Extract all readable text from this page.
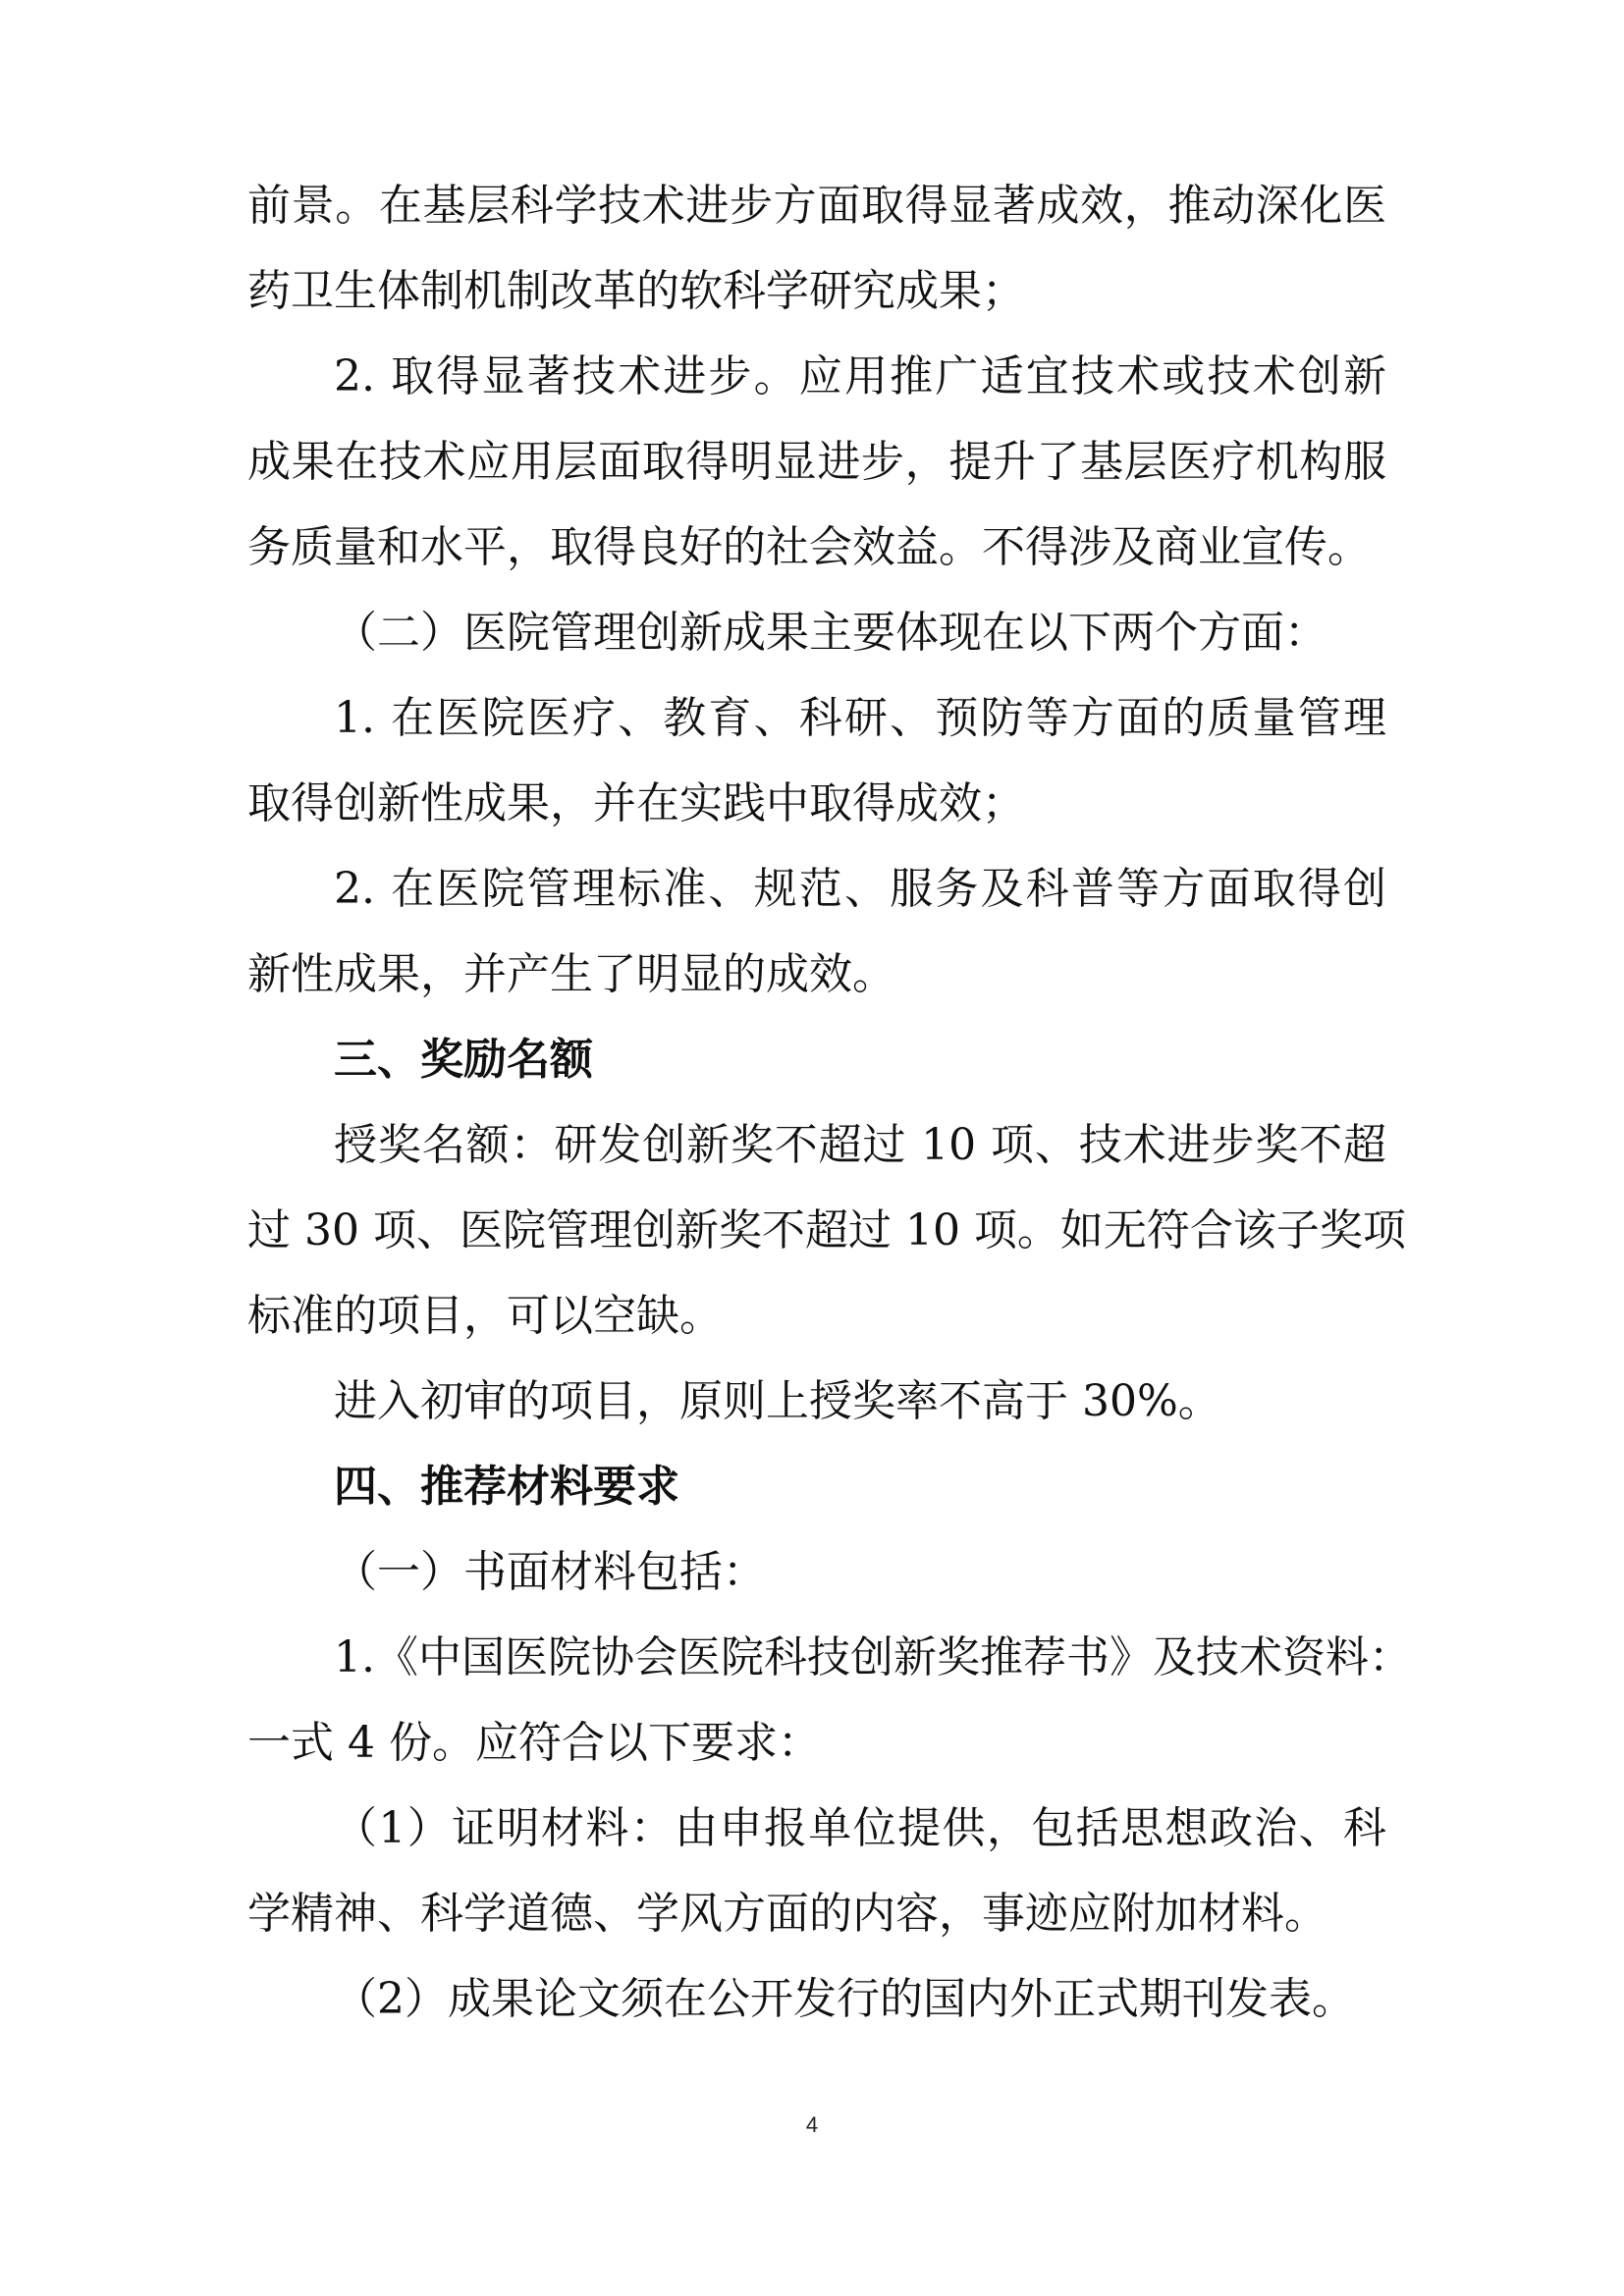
前景。在基层科学技术进步方面取得显著成效，推动深化医
药卫生体制机制改革的软科学研究成果；
2. 取得显著技术进步。应用推广适宜技术或技术创新
成果在技术应用层面取得明显进步，提升了基层医疗机构服
务质量和水平，取得良好的社会效益。不得涉及商业宣传。
（二）医院管理创新成果主要体现在以下两个方面：
1. 在医院医疗、教育、科研、预防等方面的质量管理
取得创新性成果，并在实践中取得成效；
2. 在医院管理标准、规范、服务及科普等方面取得创
新性成果，并产生了明显的成效。
三、奖励名额
授奖名额：研发创新奖不超过 10 项、技术进步奖不超
过 30 项、医院管理创新奖不超过 10 项。如无符合该子奖项
标准的项目，可以空缺。
进入初审的项目，原则上授奖率不高于 30%。
四、推荐材料要求
（一）书面材料包括：
1.《中国医院协会医院科技创新奖推荐书》及技术资料：
一式 4 份。应符合以下要求：
（1）证明材料：由申报单位提供，包括思想政治、科
学精神、科学道德、学风方面的内容，事迹应附加材料。
（2）成果论文须在公开发行的国内外正式期刊发表。
4
